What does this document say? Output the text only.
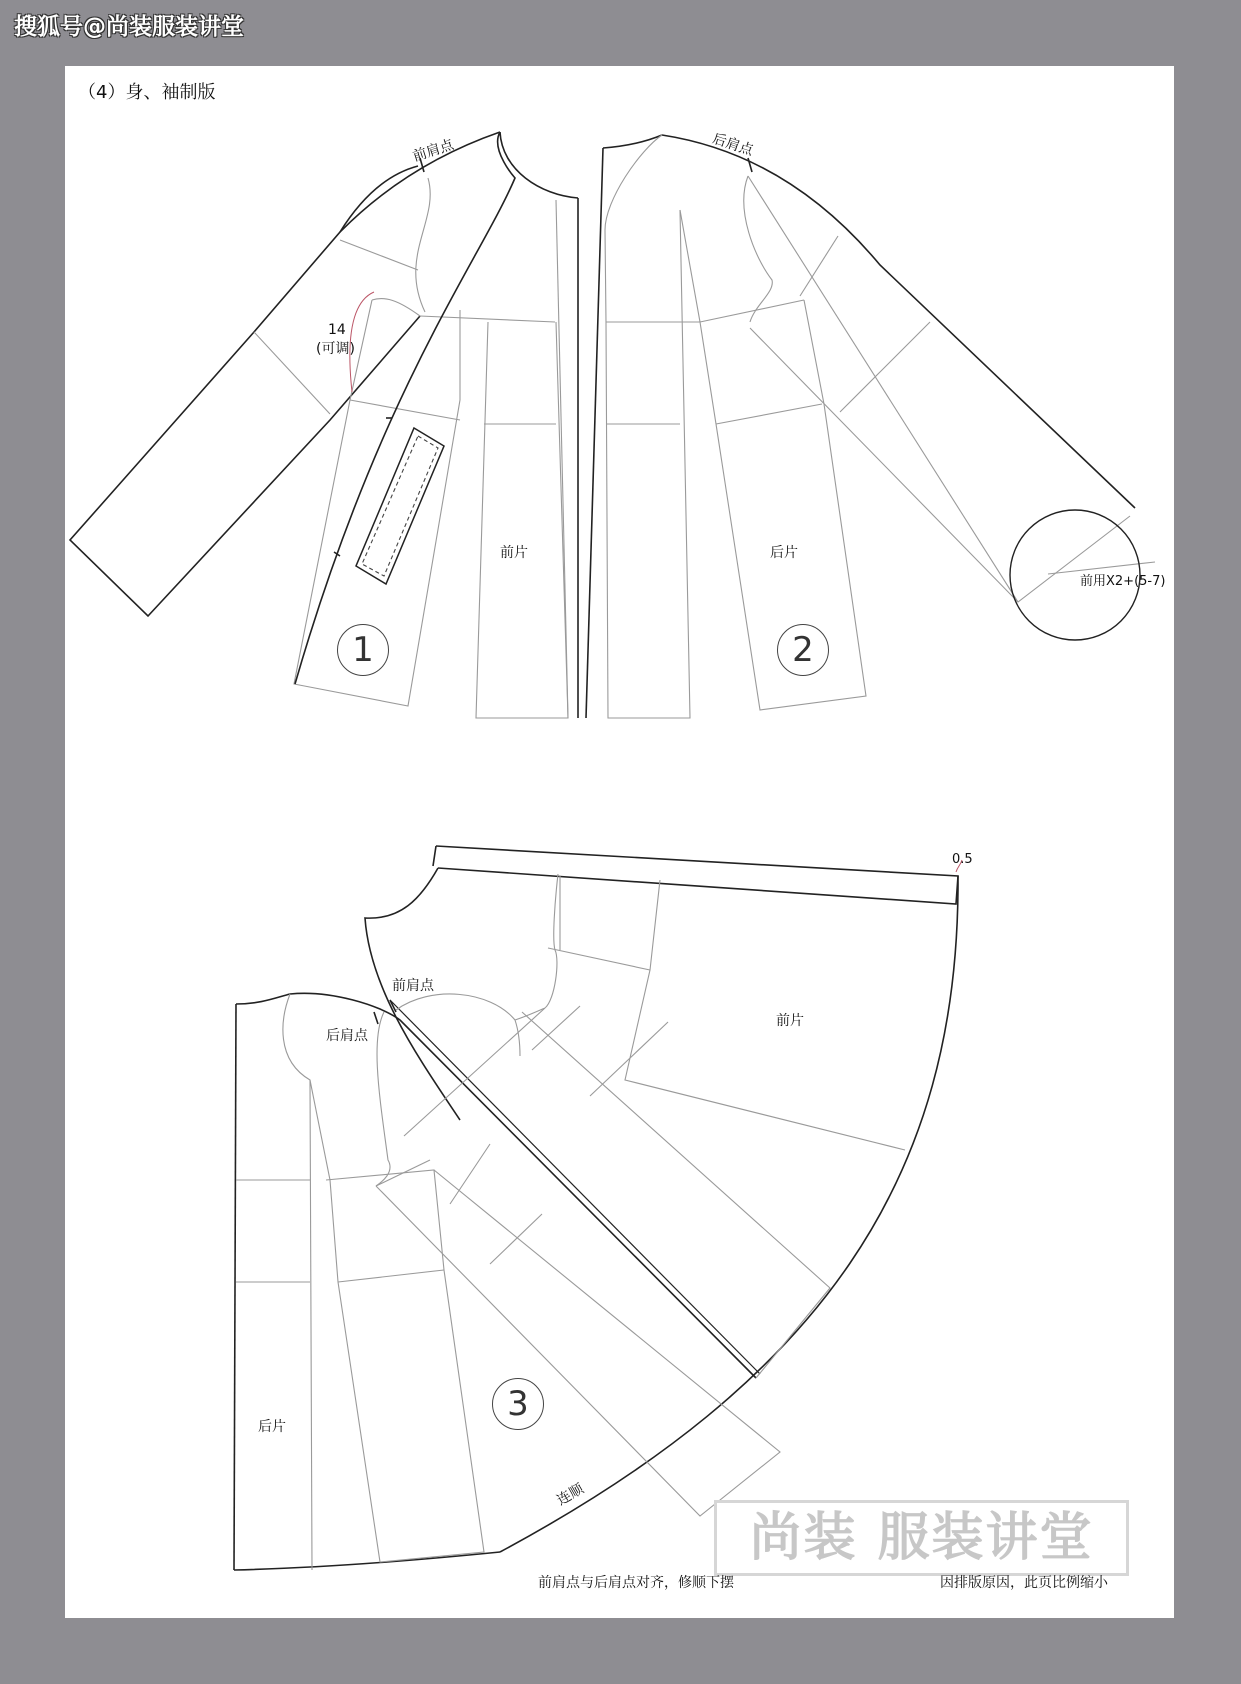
搜狐号@尚装服装讲堂
（4）身、袖制版
前肩点
14
(可调)
前片
1
后肩点
后片
2
前用X2+(5-7)
0.5
前肩点
后肩点
前片
后片
3
连顺
尚装 服装讲堂
前肩点与后肩点对齐，修顺下摆	因排版原因，此页比例缩小
